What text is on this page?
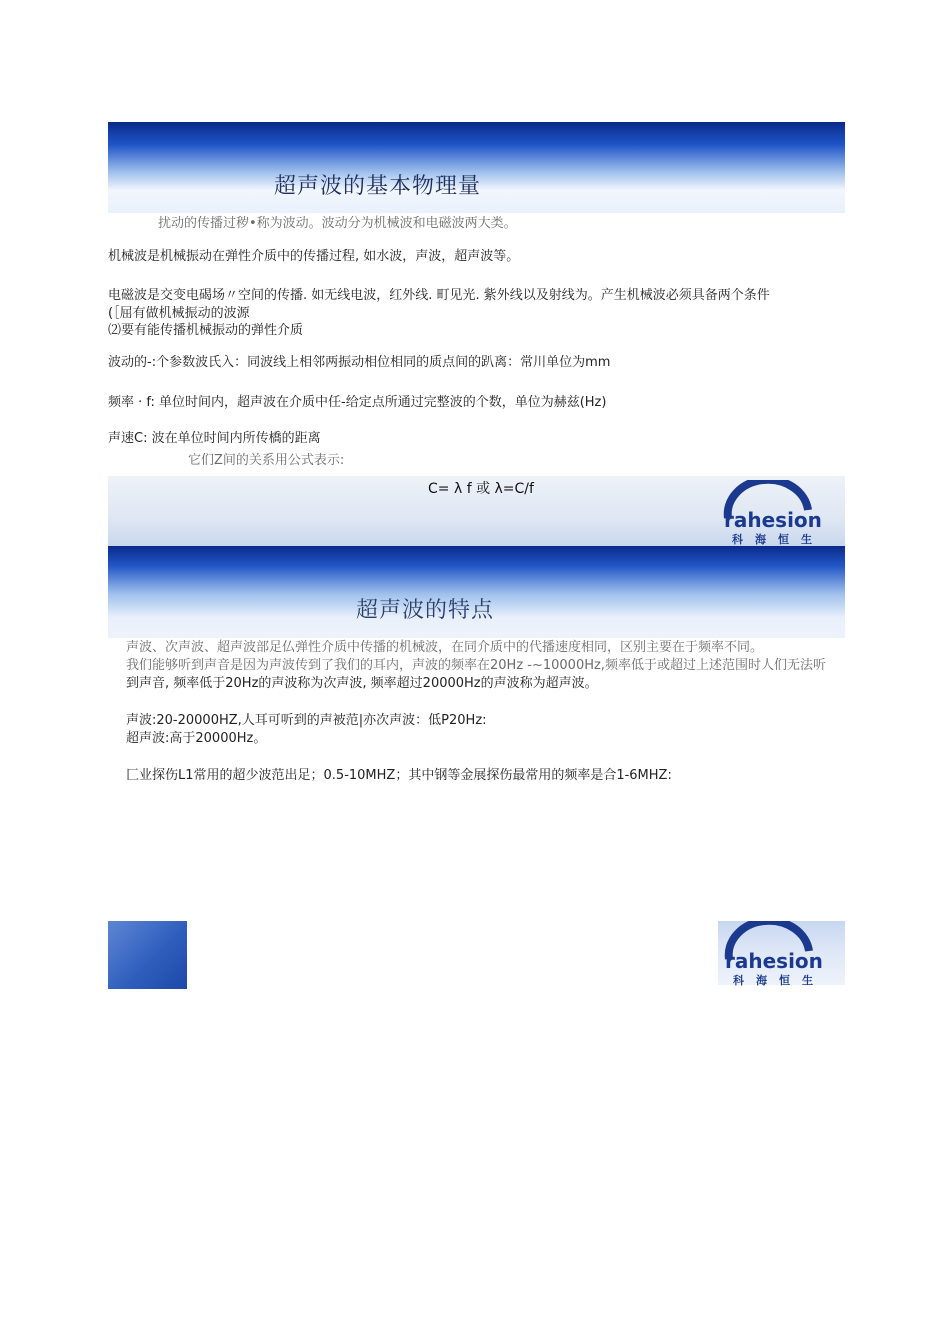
超声波的基本物理量
扰动的传播过秽•称为波动。波动分为机械波和电磁波两大类。
机械波是机械振动在弹性介质中的传播过程, 如水波，声波，超声波等。
电磁波是交变电碣场〃空间的传播. 如无线电波，红外线. 町见光. 紫外线以及射线为。产生机械波必须具备两个条件
(［屈有做机械振动的波源
⑵要有能传播机械振动的弹性介质
波动的-:个参数波氏入：同波线上相邻两振动相位相同的质点间的趴离：常川单位为mm
频率 · f: 单位时间内，超声波在介质中任-给定点所通过完整波的个数，单位为赫兹(Hz)
声速C: 波在单位时间内所传橋的距离
它们Z间的关系用公式表示:
C= λ f 或 λ=C/f
rahesion
科海恒生
超声波的特点
声波、次声波、超声波部足仏弹性介质中传播的机械波，在同介质中的代播速度相同，区别主要在于频率不同。
我们能够听到声音是因为声波传到了我们的耳内，声波的频率在20Hz -~10000Hz,频率低于或超过上述范围时人们无法听
到声音, 频率低于20Hz的声波称为次声波, 频率超过20000Hz的声波称为超声波。
声波:20-20000HZ,人耳可听到的声被范|亦次声波：低P20Hz:
超声波:高于20000Hz。
匚业探伤L1常用的超少波范出足；0.5-10MHZ；其中钢等金展探伤最常用的频率是合1-6MHZ:
rahesion
科海恒生
